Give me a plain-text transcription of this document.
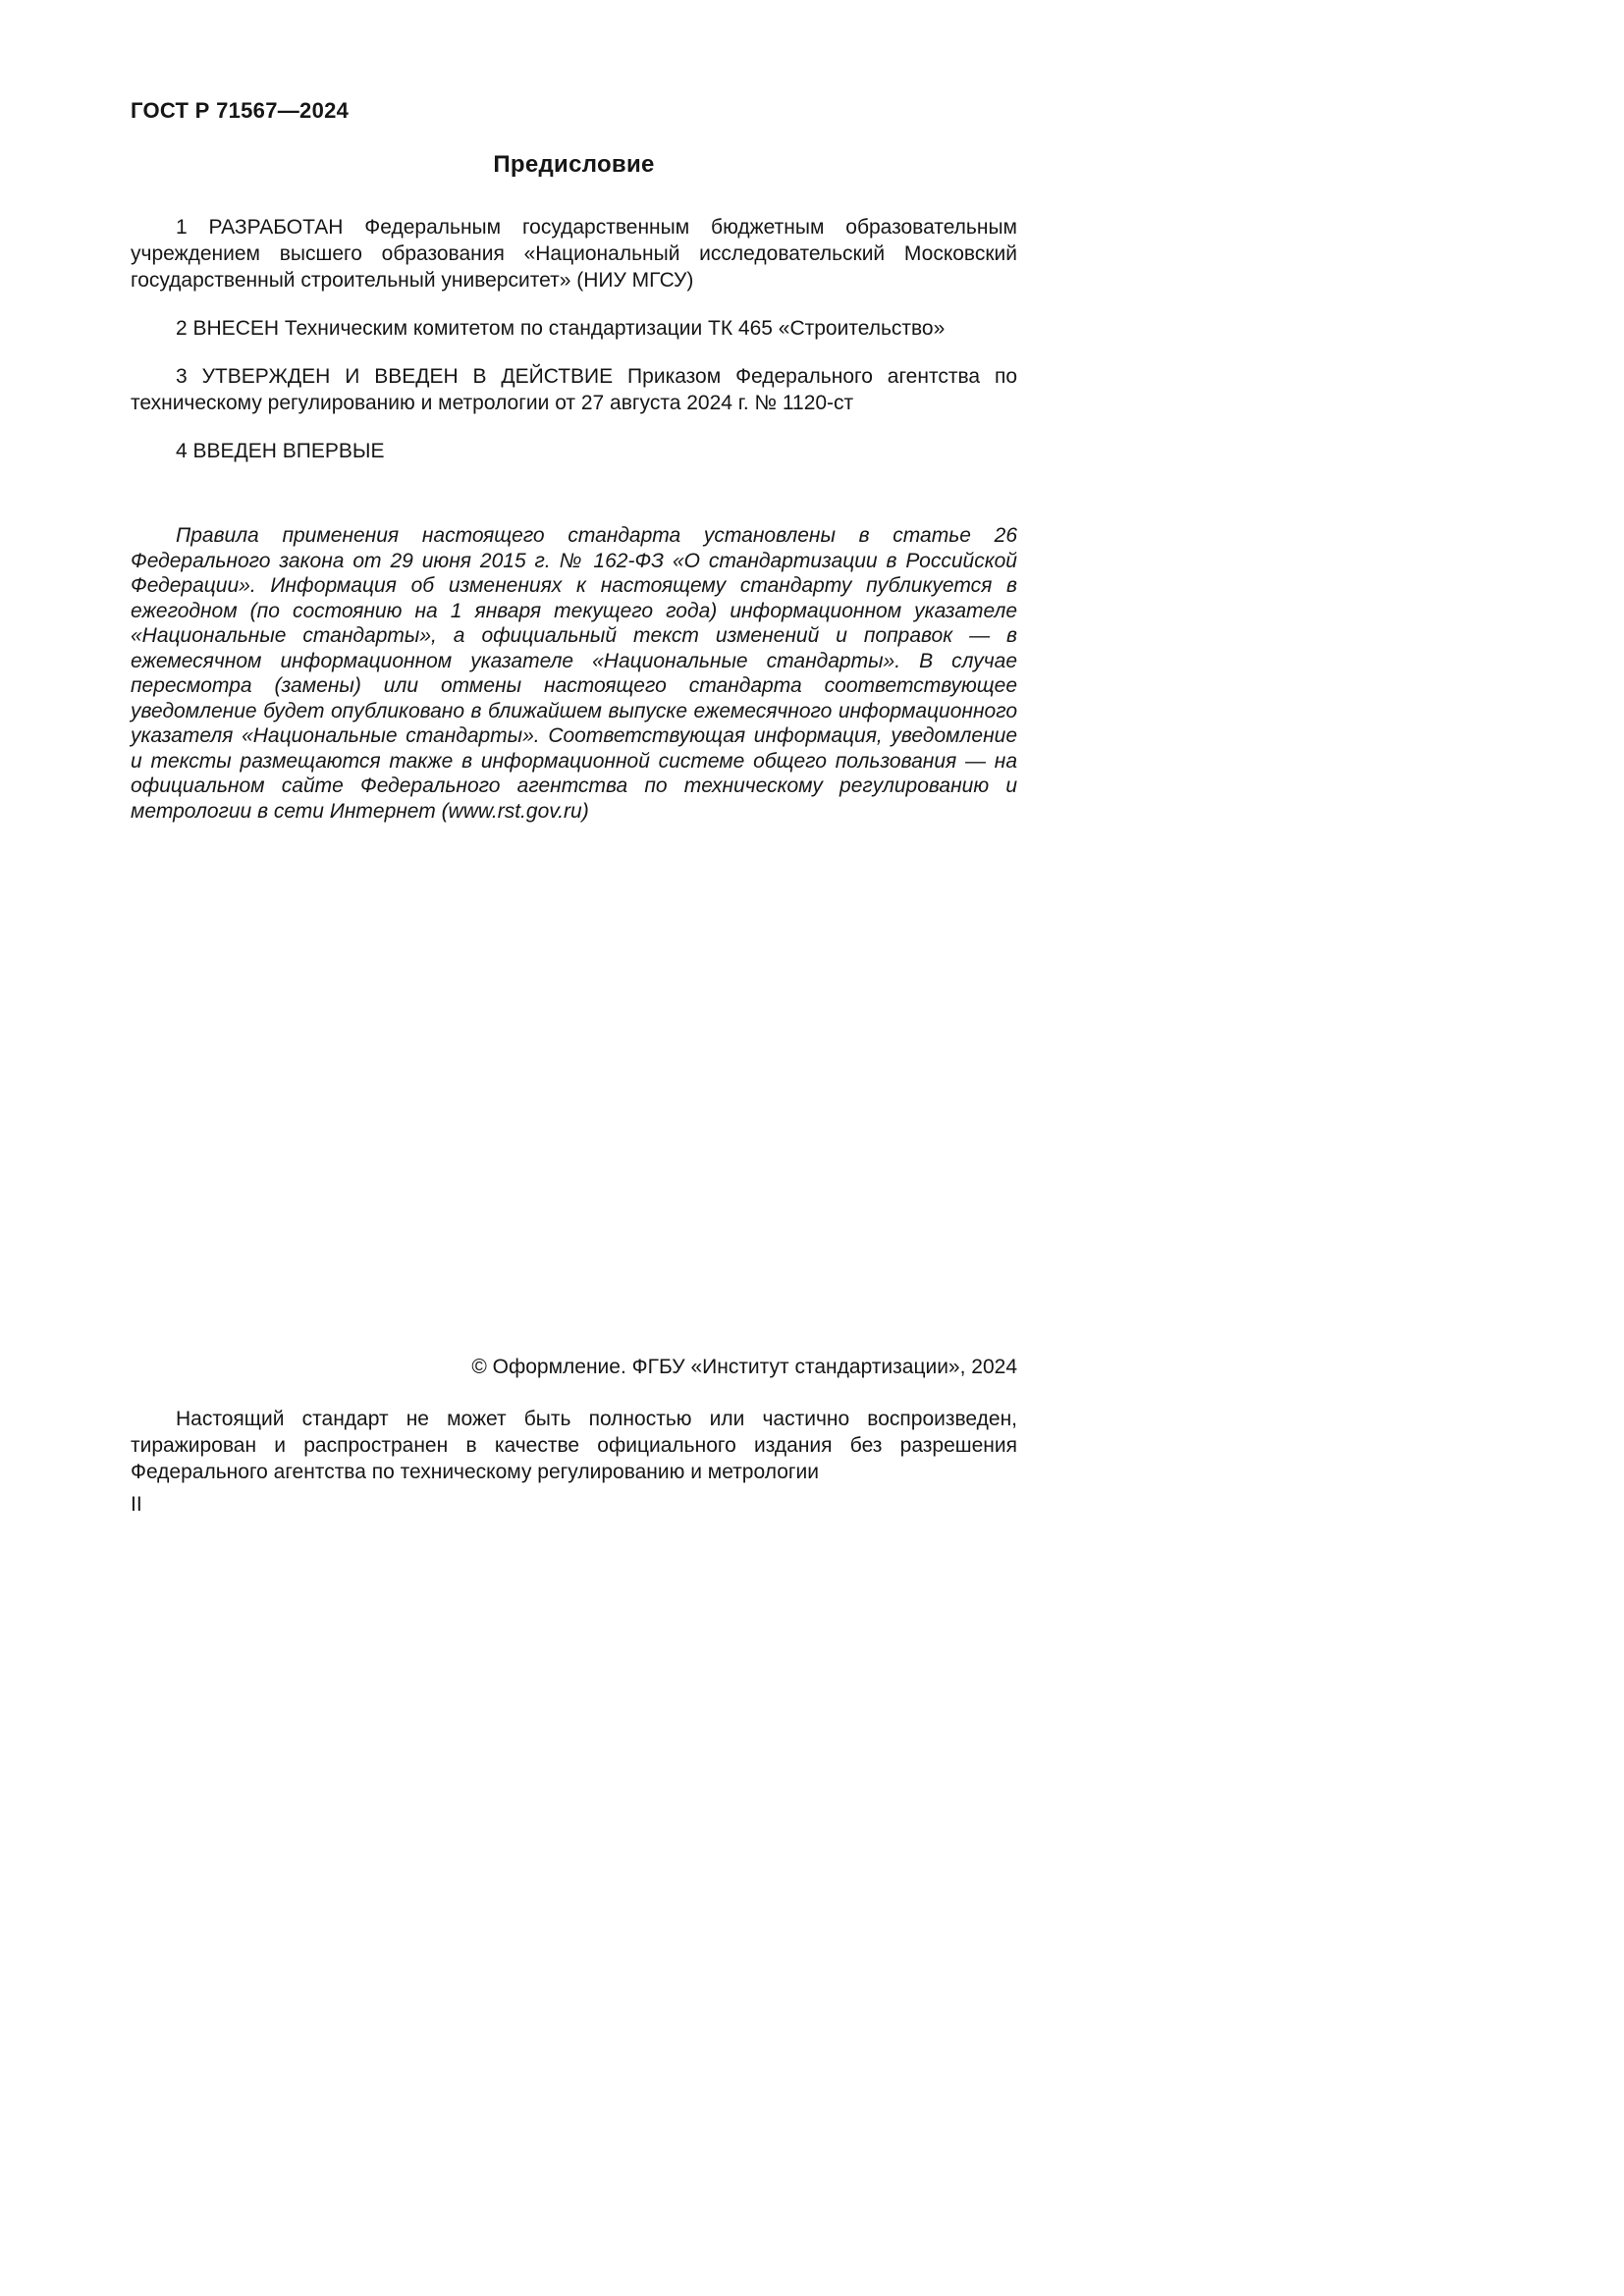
ГОСТ Р 71567—2024

Предисловие

1 РАЗРАБОТАН Федеральным государственным бюджетным образовательным учреждением высшего образования «Национальный исследовательский Московский государственный строительный университет» (НИУ МГСУ)

2 ВНЕСЕН Техническим комитетом по стандартизации ТК 465 «Строительство»

3 УТВЕРЖДЕН И ВВЕДЕН В ДЕЙСТВИЕ Приказом Федерального агентства по техническому регулированию и метрологии от 27 августа 2024 г. № 1120-ст

4 ВВЕДЕН ВПЕРВЫЕ

Правила применения настоящего стандарта установлены в статье 26 Федерального закона от 29 июня 2015 г. № 162-ФЗ «О стандартизации в Российской Федерации». Информация об изменениях к настоящему стандарту публикуется в ежегодном (по состоянию на 1 января текущего года) информационном указателе «Национальные стандарты», а официальный текст изменений и поправок — в ежемесячном информационном указателе «Национальные стандарты». В случае пересмотра (замены) или отмены настоящего стандарта соответствующее уведомление будет опубликовано в ближайшем выпуске ежемесячного информационного указателя «Национальные стандарты». Соответствующая информация, уведомление и тексты размещаются также в информационной системе общего пользования — на официальном сайте Федерального агентства по техническому регулированию и метрологии в сети Интернет (www.rst.gov.ru)

© Оформление. ФГБУ «Институт стандартизации», 2024

Настоящий стандарт не может быть полностью или частично воспроизведен, тиражирован и распространен в качестве официального издания без разрешения Федерального агентства по техническому регулированию и метрологии

II
